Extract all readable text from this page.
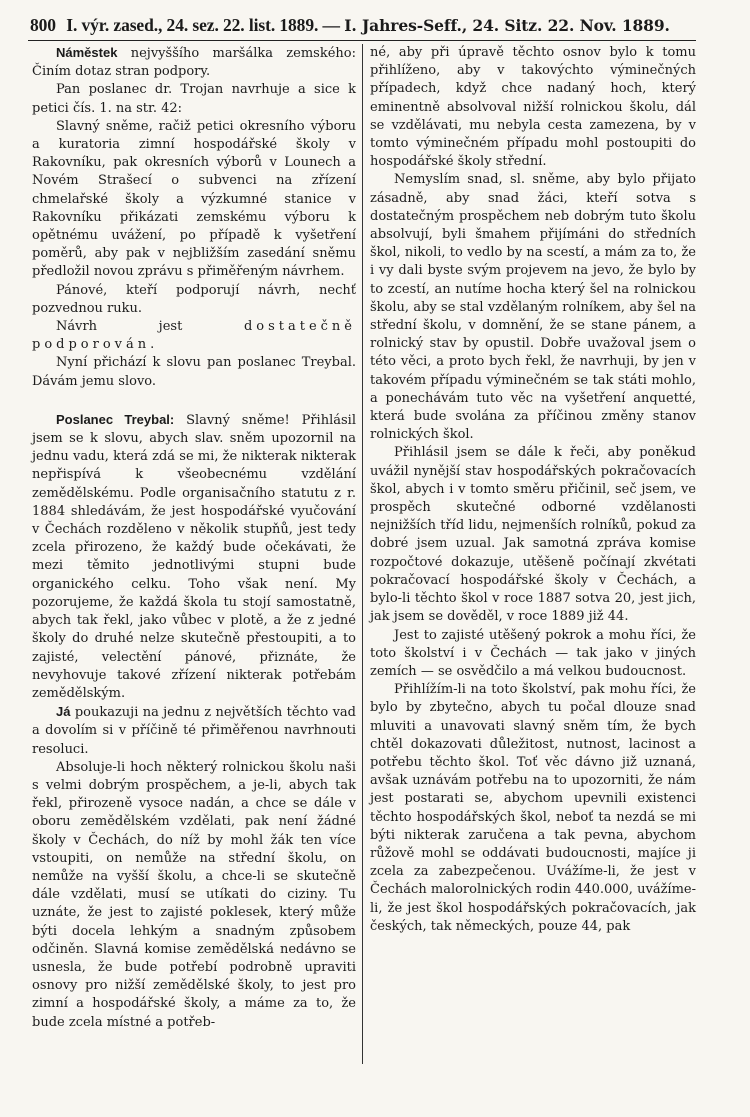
800 I. výr. zased., 24. sez. 22. list. 1889. — I. Jahres-Seff., 24. Sitz. 22. Nov. 1889.

Náměstek nejvyššího maršálka zemského: Činím dotaz stran podpory.

Pan poslanec dr. Trojan navrhuje a sice k petici čís. 1. na str. 42:

Slavný sněme, račiž petici okresního výboru a kuratoria zimní hospodářské školy v Rakovníku, pak okresních výborů v Lounech a Novém Strašecí o subvenci na zřízení chmelařské školy a výzkumné stanice v Rakovníku přikázati zemskému výboru k opětnému uvážení, po případě k vyšetření poměrů, aby pak v nejbližším zasedání sněmu předložil novou zprávu s přiměřeným návrhem.

Pánové, kteří podporují návrh, nechť pozvednou ruku.

Návrh jest	dostatečně podporován.

Nyní přichází k slovu pan poslanec Treybal. Dávám jemu slovo.

Poslanec Treybal: Slavný sněme! Přihlásil jsem se k slovu, abych slav. sněm upozornil na jednu vadu, která zdá se mi, že nikterak nikterak nepřispívá k všeobecnému vzdělání zemědělskému. Podle organisačního statutu z r. 1884 shledávám, že jest hospodářské vyučování v Čechách rozděleno v několik stupňů, jest tedy zcela přirozeno, že každý bude očekávati, že mezi těmito jednotlivými stupni bude organického celku. Toho však není. My pozorujeme, že každá škola tu stojí samostatně, abych tak řekl, jako vůbec v plotě, a že z jedné školy do druhé nelze skutečně přestoupiti, a to zajisté, velectění pánové, přiznáte, že nevyhovuje takové zřízení nikterak potřebám zemědělským.

Já poukazuji na jednu z největších těchto vad a dovolím si v příčině té přiměřenou navrhnouti resoluci.

Absoluje-li hoch některý rolnickou školu naši s velmi dobrým prospěchem, a je-li, abych tak řekl, přirozeně vysoce nadán, a chce se dále v oboru zemědělském vzdělati, pak není žádné školy v Čechách, do níž by mohl žák ten více vstoupiti, on nemůže na střední školu, on nemůže na vyšší školu, a chce-li se skutečně dále vzdělati, musí se utíkati do ciziny. Tu uznáte, že jest to zajisté poklesek, který může býti docela lehkým a snadným způsobem odčiněn. Slavná komise zemědělská nedávno se usnesla, že bude potřebí podrobně upraviti osnovy pro nižší zemědělské školy, to jest pro zimní a hospodářské školy, a máme za to, že bude zcela místné a potřeb-

né, aby při úpravě těchto osnov bylo k tomu přihlíženo, aby v takovýchto výminečných případech, když chce nadaný hoch, který eminentně absolvoval nižší rolnickou školu, dál se vzdělávati, mu nebyla cesta zamezena, by v tomto výminečném případu mohl postoupiti do hospodářské školy střední.

Nemyslím snad, sl. sněme, aby bylo přijato zásadně, aby snad žáci, kteří sotva s dostatečným prospěchem neb dobrým tuto školu absolvují, byli šmahem přijímáni do středních škol, nikoli, to vedlo by na scestí, a mám za to, že i vy dali byste svým projevem na jevo, že bylo by to zcestí, an nutíme hocha který šel na rolnickou školu, aby se stal vzdělaným rolníkem, aby šel na střední školu, v domnění, že se stane pánem, a rolnický stav by opustil. Dobře uvažoval jsem o této věci, a proto bych řekl, že navrhuji, by jen v takovém případu výminečném se tak státi mohlo, a ponechávám tuto věc na vyšetření anquetté, která bude svolána za příčinou změny stanov rolnických škol.

Přihlásil jsem se dále k řeči, aby poněkud uvážil nynější stav hospodářských pokračovacích škol, abych i v tomto směru přičinil, seč jsem, ve prospěch skutečné odborné vzdělanosti nejnižších tříd lidu, nejmenších rolníků, pokud za dobré jsem uzual. Jak samotná zpráva komise rozpočtové dokazuje, utěšeně počínají zkvétati pokračovací hospodářské školy v Čechách, a bylo-li těchto škol v roce 1887 sotva 20, jest jich, jak jsem se dověděl, v roce 1889 již 44.

Jest to zajisté utěšený pokrok a mohu říci, že toto školství i v Čechách — tak jako v jiných zemích — se osvědčilo a má velkou budoucnost.

Přihlížím-li na toto školství, pak mohu říci, že bylo by zbytečno, abych tu počal dlouze snad mluviti a unavovati slavný sněm tím, že bych chtěl dokazovati důležitost, nutnost, lacinost a potřebu těchto škol. Toť věc dávno již uznaná, avšak uznávám potřebu na to upozorniti, že nám jest postarati se, abychom upevnili existenci těchto hospodářských škol, neboť ta nezdá se mi býti nikterak zaručena a tak pevna, abychom růžově mohl se oddávati budoucnosti, majíce ji zcela za zabezpečenou. Uvážíme-li, že jest v Čechách malorolnických rodin 440.000, uvážíme-li, že jest škol hospodářských pokračovacích, jak českých, tak německých, pouze 44, pak
